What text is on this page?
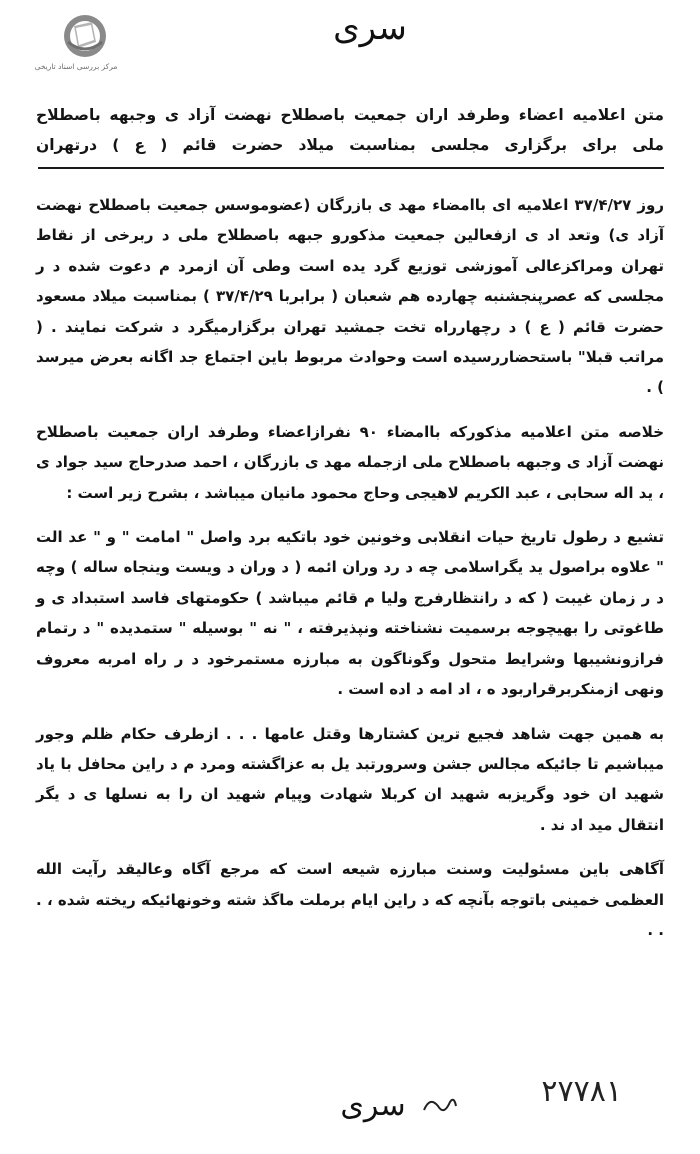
مرکز بررسی اسناد تاریخی
سری
متن اعلامیه اعضاء وطرفد اران جمعیت باصطلاح نهضت آزاد ی وجبهه باصطلاح ملی برای برگزاری مجلسی بمناسبت میلاد حضرت قائم ( ع ) درتهران

روز ۳۷/۴/۲۷ اعلامیه ای باامضاء مهد ی بازرگان (عضوموسس جمعیت باصطلاح نهضت آزاد ی) وتعد اد ی ازفعالین جمعیت مذکورو جبهه باصطلاح ملی د ربرخی از نقاط تهران ومراکزعالی آموزشی توزیع گرد یده است وطی آن ازمرد م دعوت شده د ر مجلسی که عصرپنجشنبه چهارده هم شعبان ( برابربا ۳۷/۴/۲۹ ) بمناسبت میلاد مسعود حضرت قائم ( ع ) د رچهارراه تخت جمشید تهران برگزارمیگرد د شرکت نمایند . ( مراتب قبلا" باستحضاررسیده است وحوادث مربوط باین اجتماع جد اگانه بعرض میرسد ) .

خلاصه متن اعلامیه مذکورکه باامضاء ۹۰ نفرازاعضاء وطرفد اران جمعیت باصطلاح نهضت آزاد ی وجبهه باصطلاح ملی ازجمله مهد ی بازرگان ، احمد صدرحاج سید جواد ی ، ید اله سحابی ، عبد الکریم لاهیجی وحاج محمود مانیان میباشد ، بشرح زیر است :

تشیع د رطول تاریخ حیات انقلابی وخونین خود باتکیه برد واصل " امامت " و " عد الت " علاوه براصول ید یگراسلامی چه د رد وران ائمه ( د وران د ویست وینجاه ساله ) وچه د ر زمان غیبت ( که د رانتظارفرج ولیا م قائم میباشد ) حکومتهای فاسد استبداد ی و طاغوتی را بهیچوجه برسمیت نشناخته ونپذیرفته ، " نه " بوسیله " ستمدیده " د رتمام فرازونشیبها وشرایط متحول وگوناگون به مبارزه مستمرخود د ر راه امربه معروف ونهی ازمنکربرقراربود ه ، اد امه د اده است .

به همین جهت شاهد فجیع ترین کشتارها وقتل عامها . . . ازطرف حکام ظلم وجور میباشیم تا جائیکه مجالس جشن وسرورتبد یل به عزاگشته ومرد م د راین محافل با یاد شهید ان خود وگریزبه شهید ان کربلا شهادت وپیام شهید ان را به نسلها ی د یگر انتقال مید اد ند .

آگاهی باین مسئولیت وسنت مبارزه شیعه است که مرجع آگاه وعالیقد رآیت الله العظمی خمینی باتوجه بآنچه که د راین ایام برملت ماگذ شته وخونهائیکه ریخته شده ، . . .

سری	۲۷۷۸۱
